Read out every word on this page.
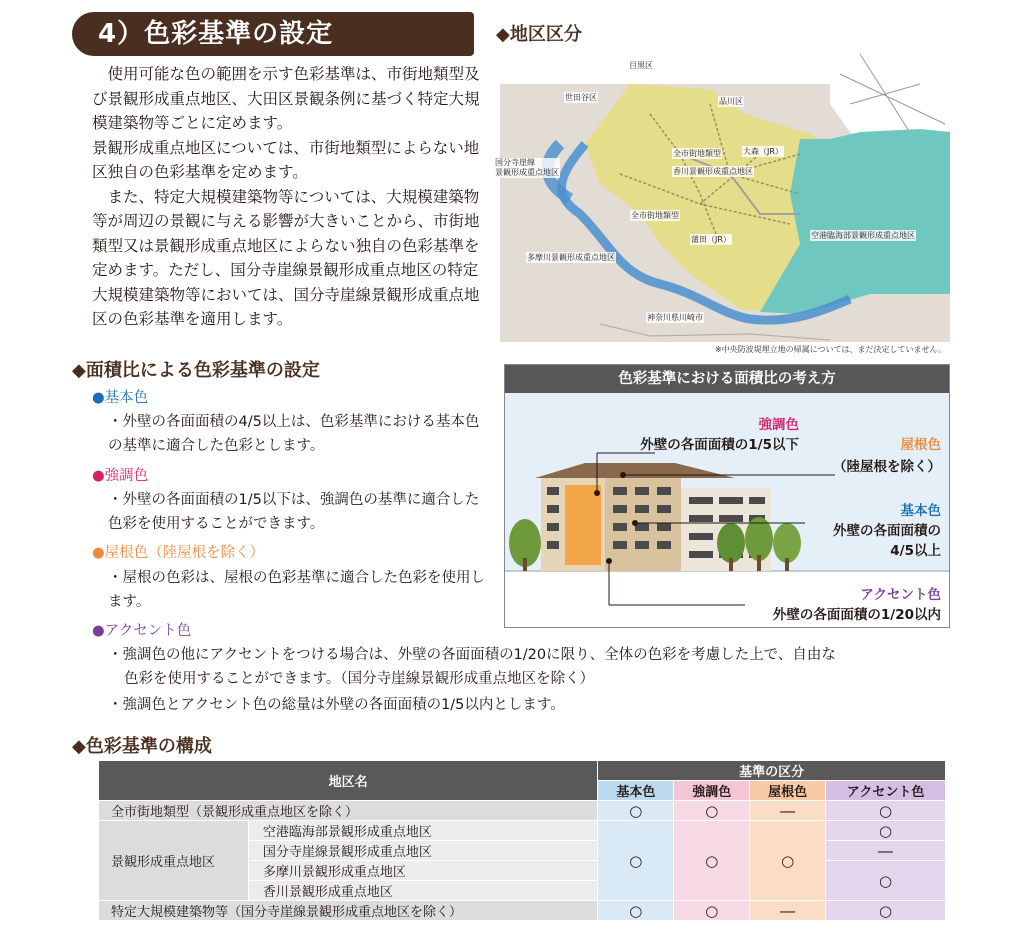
4）色彩基準の設定

使用可能な色の範囲を示す色彩基準は、市街地類型及び景観形成重点地区、大田区景観条例に基づく特定大規模建築物等ごとに定めます。

景観形成重点地区については、市街地類型によらない地区独自の色彩基準を定めます。

また、特定大規模建築物等については、大規模建築物等が周辺の景観に与える影響が大きいことから、市街地類型又は景観形成重点地区によらない独自の色彩基準を定めます。ただし、国分寺崖線景観形成重点地区の特定大規模建築物等においては、国分寺崖線景観形成重点地区の色彩基準を適用します。

◆地区区分
目黒区
世田谷区	品川区
国分寺崖線
景観形成重点地区
全市街地類型	大森（JR）
香川景観形成重点地区
全市街地類型
蒲田（JR）	空港臨海部景観形成重点地区
多摩川景観形成重点地区
神奈川県川崎市
※中央防波堤埋立地の帰属については、まだ決定していません。
◆面積比による色彩基準の設定
●基本色
・外壁の各面面積の4/5以上は、色彩基準における基本色の基準に適合した色彩とします。
●強調色
・外壁の各面面積の1/5以下は、強調色の基準に適合した色彩を使用することができます。
●屋根色（陸屋根を除く）
・屋根の色彩は、屋根の色彩基準に適合した色彩を使用します。
●アクセント色
・強調色の他にアクセントをつける場合は、外壁の各面面積の1/20に限り、全体の色彩を考慮した上で、自由な
色彩を使用することができます。（国分寺崖線景観形成重点地区を除く）
・強調色とアクセント色の総量は外壁の各面面積の1/5以内とします。
色彩基準における面積比の考え方
強調色
外壁の各面面積の1/5以下	屋根色
（陸屋根を除く）
基本色
外壁の各面面積の
4/5以上
アクセント色
外壁の各面面積の1/20以内
◆色彩基準の構成
地区名		基準の区分			
		基本色	強調色	屋根色	アクセント色
全市街地類型（景観形成重点地区を除く）		○	○	―	○
景観形成重点地区	空港臨海部景観形成重点地区	○	○	○	○
	国分寺崖線景観形成重点地区				―
	多摩川景観形成重点地区				○
	香川景観形成重点地区				
特定大規模建築物等（国分寺崖線景観形成重点地区を除く）		○	○	―	○
